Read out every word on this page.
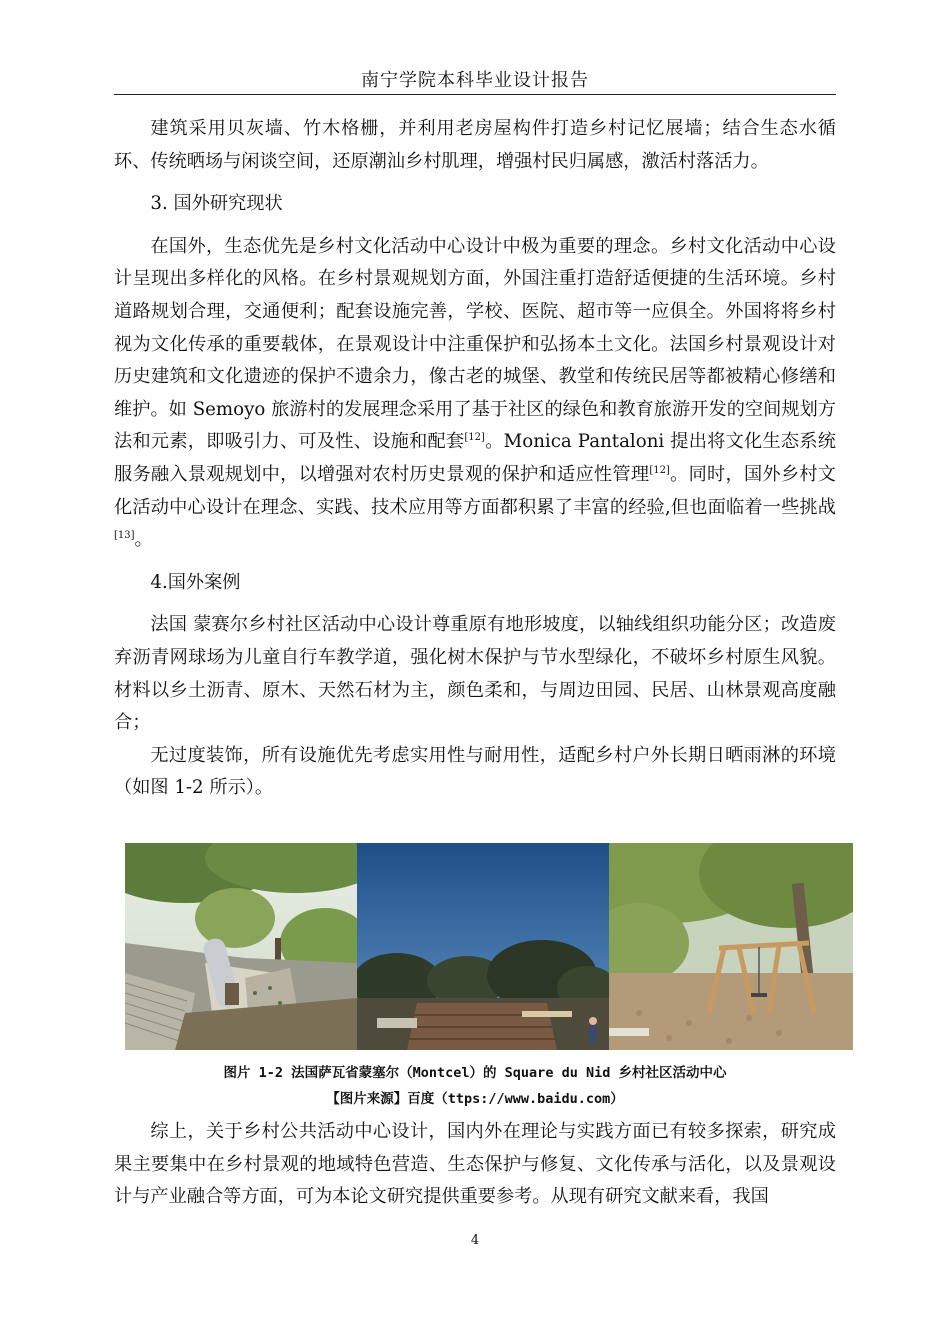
南宁学院本科毕业设计报告

建筑采用贝灰墙、竹木格栅，并利用老房屋构件打造乡村记忆展墙；结合生态水循环、传统晒场与闲谈空间，还原潮汕乡村肌理，增强村民归属感，激活村落活力。

3. 国外研究现状

在国外，生态优先是乡村文化活动中心设计中极为重要的理念。乡村文化活动中心设计呈现出多样化的风格。在乡村景观规划方面，外国注重打造舒适便捷的生活环境。乡村道路规划合理，交通便利；配套设施完善，学校、医院、超市等一应俱全。外国将将乡村视为文化传承的重要载体，在景观设计中注重保护和弘扬本土文化。法国乡村景观设计对历史建筑和文化遗迹的保护不遗余力，像古老的城堡、教堂和传统民居等都被精心修缮和维护。如 Semoyo 旅游村的发展理念采用了基于社区的绿色和教育旅游开发的空间规划方法和元素，即吸引力、可及性、设施和配套[12]。Monica Pantaloni 提出将文化生态系统服务融入景观规划中，以增强对农村历史景观的保护和适应性管理[12]。同时，国外乡村文化活动中心设计在理念、实践、技术应用等方面都积累了丰富的经验,但也面临着一些挑战[13]。

4.国外案例

法国 蒙赛尔乡村社区活动中心设计尊重原有地形坡度，以轴线组织功能分区；改造废弃沥青网球场为儿童自行车教学道，强化树木保护与节水型绿化，不破坏乡村原生风貌。材料以乡土沥青、原木、天然石材为主，颜色柔和，与周边田园、民居、山林景观高度融合；

无过度装饰，所有设施优先考虑实用性与耐用性，适配乡村户外长期日晒雨淋的环境（如图 1-2 所示）。

图片 1-2 法国萨瓦省蒙塞尔（Montcel）的 Square du Nid 乡村社区活动中心
【图片来源】百度（ttps://www.baidu.com）

综上，关于乡村公共活动中心设计，国内外在理论与实践方面已有较多探索，研究成果主要集中在乡村景观的地域特色营造、生态保护与修复、文化传承与活化，以及景观设计与产业融合等方面，可为本论文研究提供重要参考。从现有研究文献来看，我国

4
